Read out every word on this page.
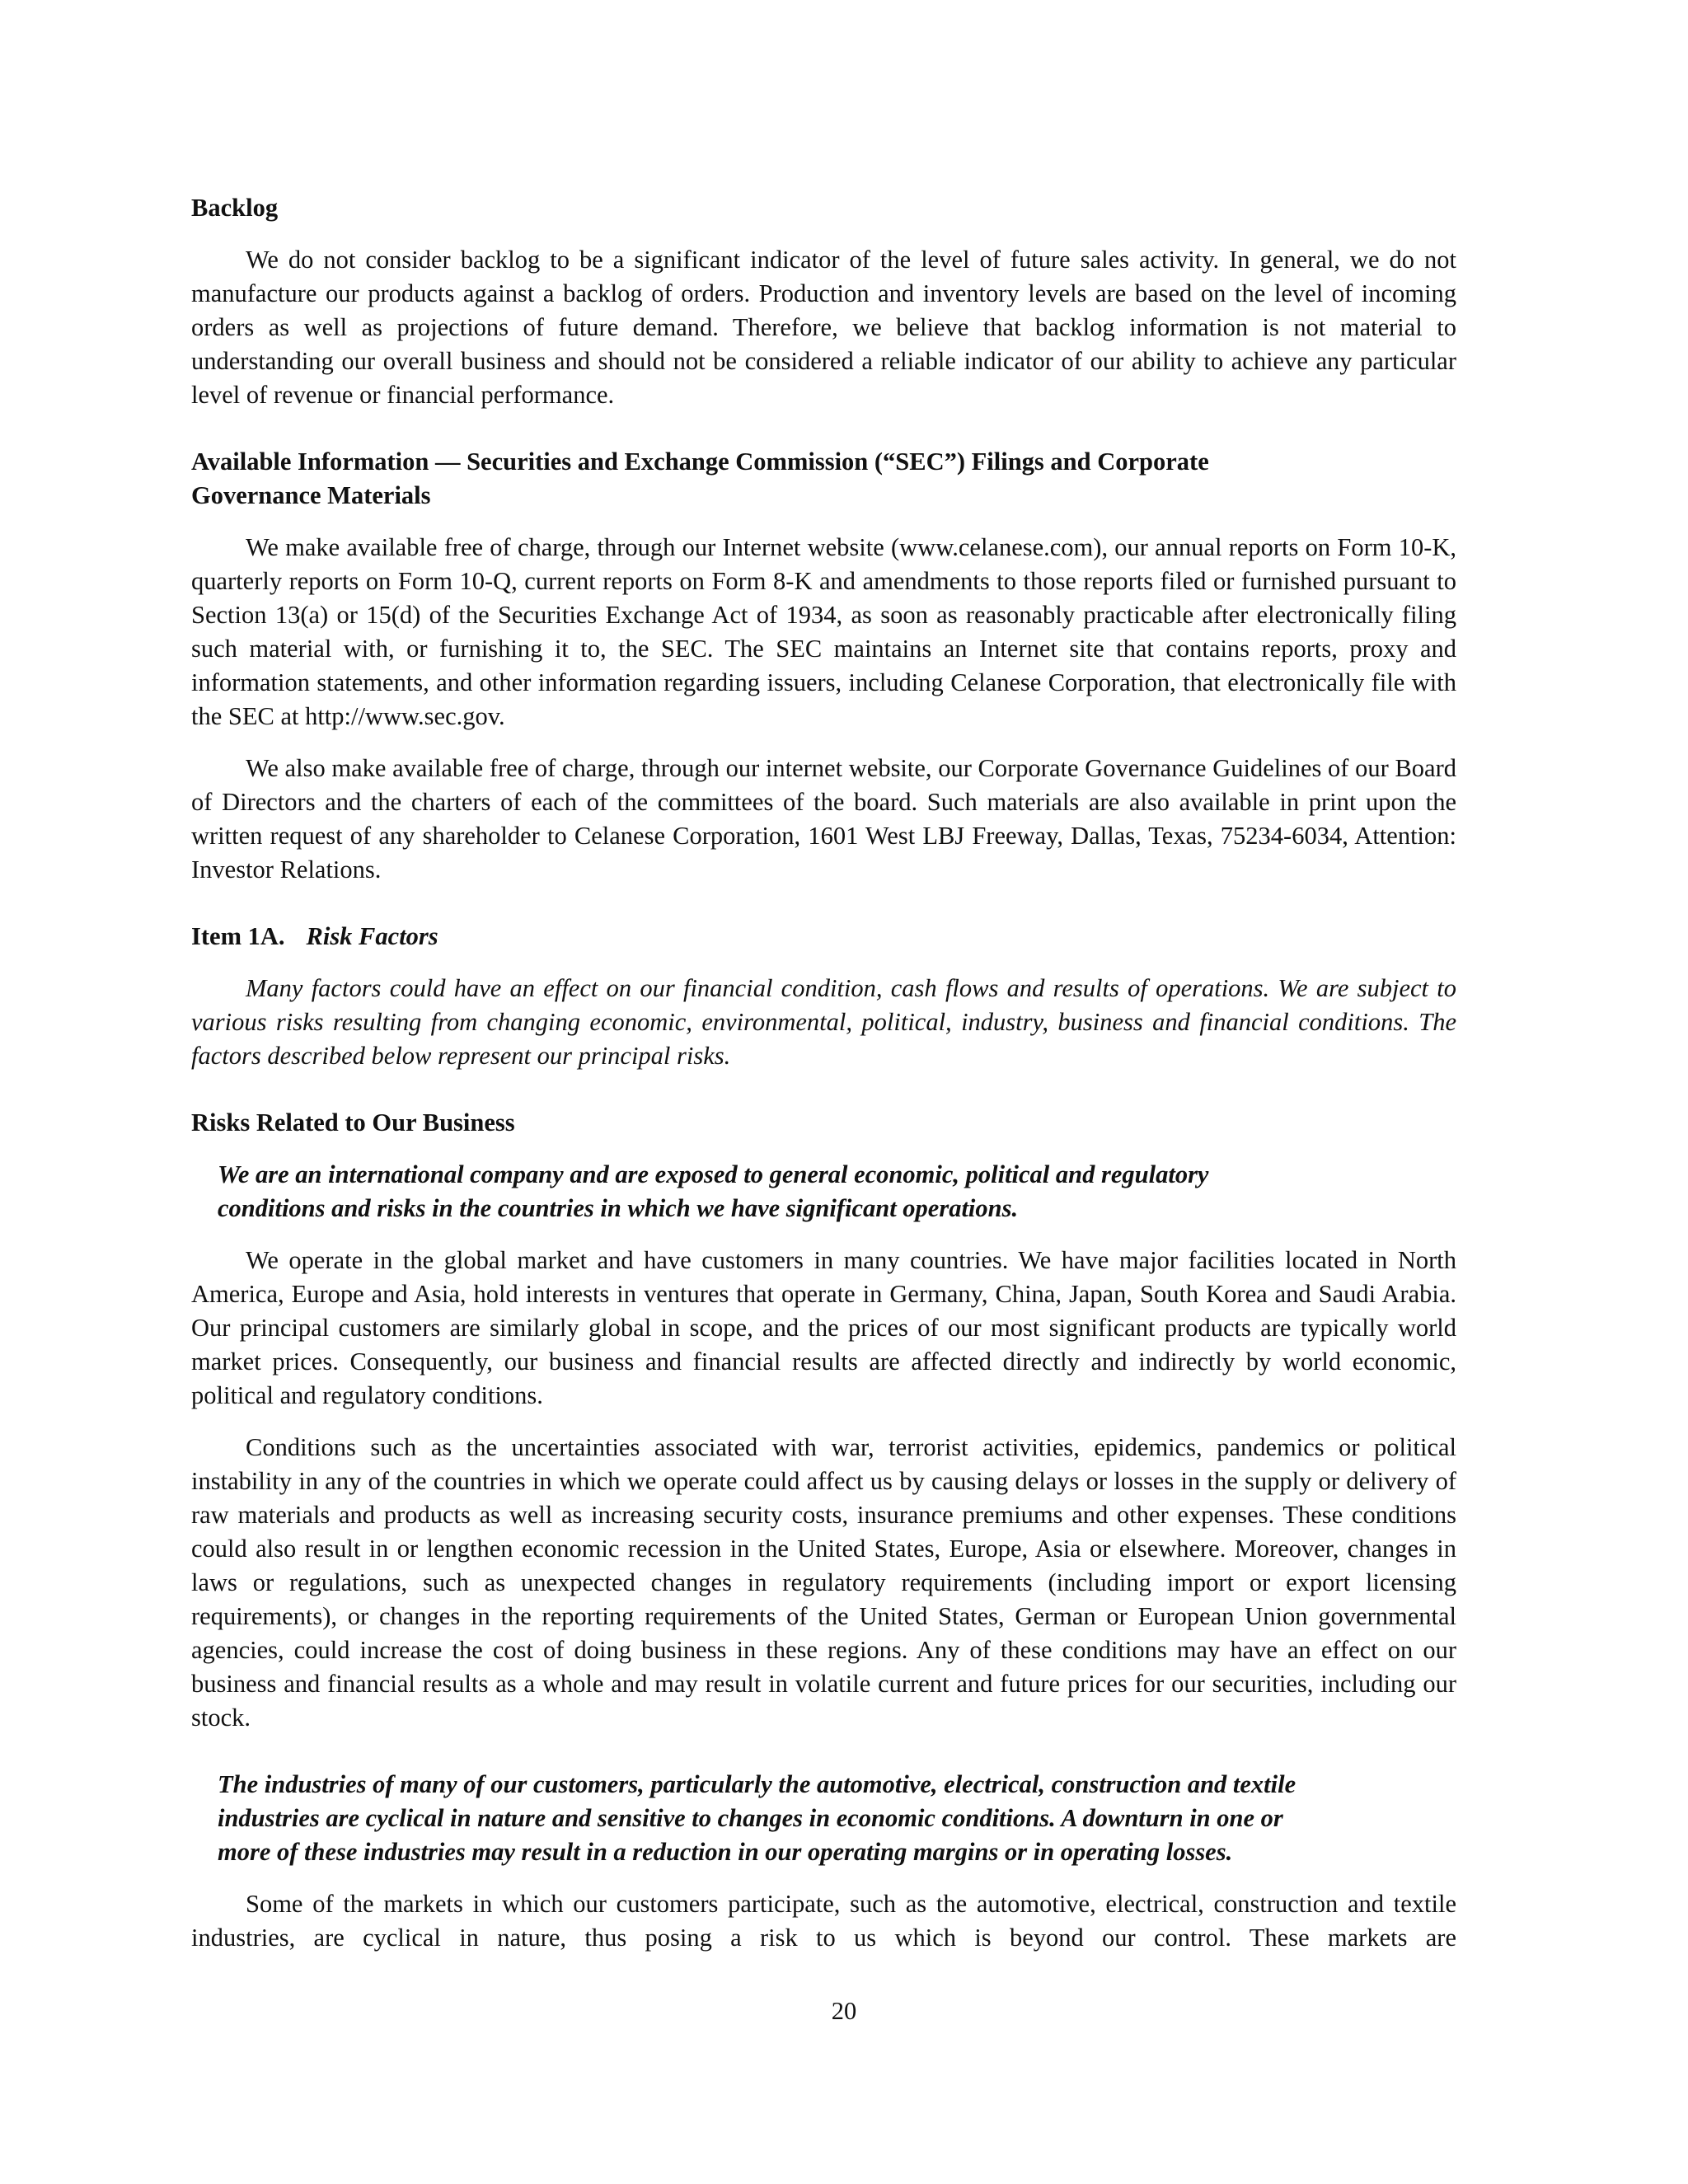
Backlog

We do not consider backlog to be a significant indicator of the level of future sales activity. In general, we do not manufacture our products against a backlog of orders. Production and inventory levels are based on the level of incoming orders as well as projections of future demand. Therefore, we believe that backlog information is not material to understanding our overall business and should not be considered a reliable indicator of our ability to achieve any particular level of revenue or financial performance.

Available Information — Securities and Exchange Commission (“SEC”) Filings and Corporate
Governance Materials

We make available free of charge, through our Internet website (www.celanese.com), our annual reports on Form 10-K, quarterly reports on Form 10-Q, current reports on Form 8-K and amendments to those reports filed or furnished pursuant to Section 13(a) or 15(d) of the Securities Exchange Act of 1934, as soon as reasonably practicable after electronically filing such material with, or furnishing it to, the SEC. The SEC maintains an Internet site that contains reports, proxy and information statements, and other information regarding issuers, including Celanese Corporation, that electronically file with the SEC at http://www.sec.gov.

We also make available free of charge, through our internet website, our Corporate Governance Guidelines of our Board of Directors and the charters of each of the committees of the board. Such materials are also available in print upon the written request of any shareholder to Celanese Corporation, 1601 West LBJ Freeway, Dallas, Texas, 75234-6034, Attention: Investor Relations.

Item 1A. Risk Factors

Many factors could have an effect on our financial condition, cash flows and results of operations. We are subject to various risks resulting from changing economic, environmental, political, industry, business and financial conditions. The factors described below represent our principal risks.

Risks Related to Our Business
We are an international company and are exposed to general economic, political and regulatory
conditions and risks in the countries in which we have significant operations.

We operate in the global market and have customers in many countries. We have major facilities located in North America, Europe and Asia, hold interests in ventures that operate in Germany, China, Japan, South Korea and Saudi Arabia. Our principal customers are similarly global in scope, and the prices of our most significant products are typically world market prices. Consequently, our business and financial results are affected directly and indirectly by world economic, political and regulatory conditions.

Conditions such as the uncertainties associated with war, terrorist activities, epidemics, pandemics or political instability in any of the countries in which we operate could affect us by causing delays or losses in the supply or delivery of raw materials and products as well as increasing security costs, insurance premiums and other expenses. These conditions could also result in or lengthen economic recession in the United States, Europe, Asia or elsewhere. Moreover, changes in laws or regulations, such as unexpected changes in regulatory requirements (including import or export licensing requirements), or changes in the reporting requirements of the United States, German or European Union governmental agencies, could increase the cost of doing business in these regions. Any of these conditions may have an effect on our business and financial results as a whole and may result in volatile current and future prices for our securities, including our stock.

The industries of many of our customers, particularly the automotive, electrical, construction and textile
industries are cyclical in nature and sensitive to changes in economic conditions. A downturn in one or
more of these industries may result in a reduction in our operating margins or in operating losses.

Some of the markets in which our customers participate, such as the automotive, electrical, construction and textile industries, are cyclical in nature, thus posing a risk to us which is beyond our control. These markets are

20
